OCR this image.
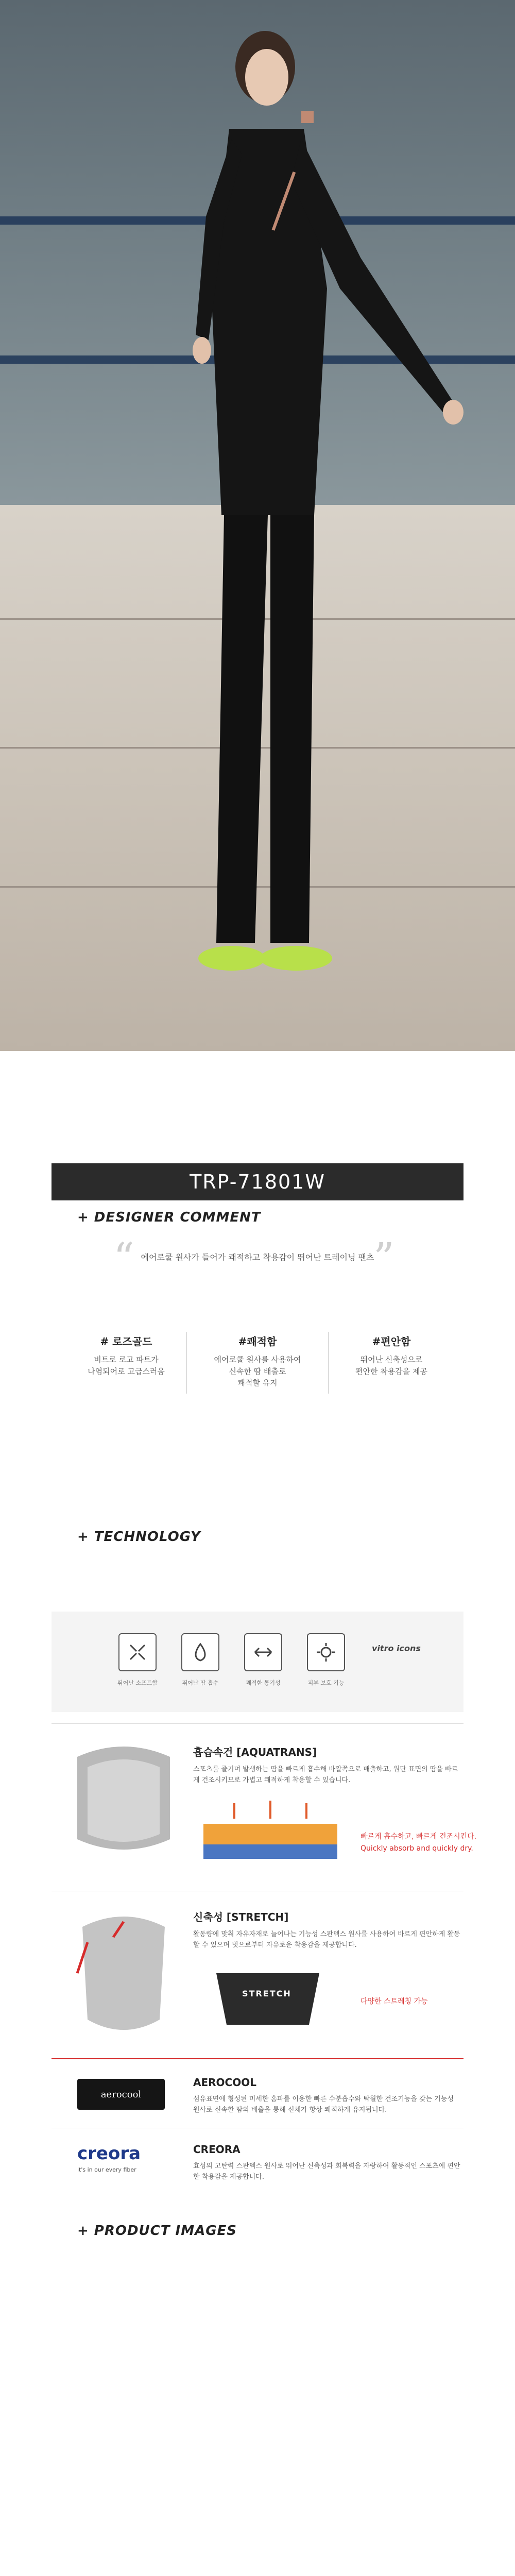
TRP-71801W
+ DESIGNER COMMENT
“	”
에어로쿨 원사가 들어가 쾌적하고 착용감이 뛰어난 트레이닝 팬츠
# 로즈골드
비트로 로고 파트가
나염되어로 고급스러움
#쾌적함
에어로쿨 원사를 사용하여
신속한 땀 배출로
쾌적할 유지
#편안함
뛰어난 신축성으로
편안한 착용감을 제공
+ TECHNOLOGY
뛰어난 소프트함	뛰어난 땀 흡수	쾌적한 통기성	피부 보호 기능
vitro icons
흡습속건 [AQUATRANS]
스포츠를 즐기며 발생하는 땀을 빠르게 흡수해 바깥쪽으로 배출하고, 원단 표면의 땀을 빠르게 건조시키므로 가볍고 쾌적하게 착용할 수 있습니다.
빠르게 흡수하고, 빠르게 건조시킨다.
Quickly absorb and quickly dry.
신축성 [STRETCH]
활동량에 맞춰 자유자재로 늘어나는 기능성 스판덱스 원사를 사용하여 바르게 편안하게 활동할 수 있으며 벗으로부터 자유로운 착용감을 제공합니다.
STRETCH
다양한 스트레칭 가능
aerocool
AEROCOOL
섬유표면에 형성된 미세한 홈파를 이용한 빠른 수분흡수와 탁월한 건조기능을 갖는 기능성 원사로 신속한 땀의 배출을 통해 신체가 항상 쾌적하게 유지됩니다.
creora
it's in our every fiber
CREORA
효성의 고탄력 스판덱스 원사로 뛰어난 신축성과 회복력을 자랑하여 활동적인 스포츠에 편안한 착용감을 제공합니다.
+ PRODUCT IMAGES
